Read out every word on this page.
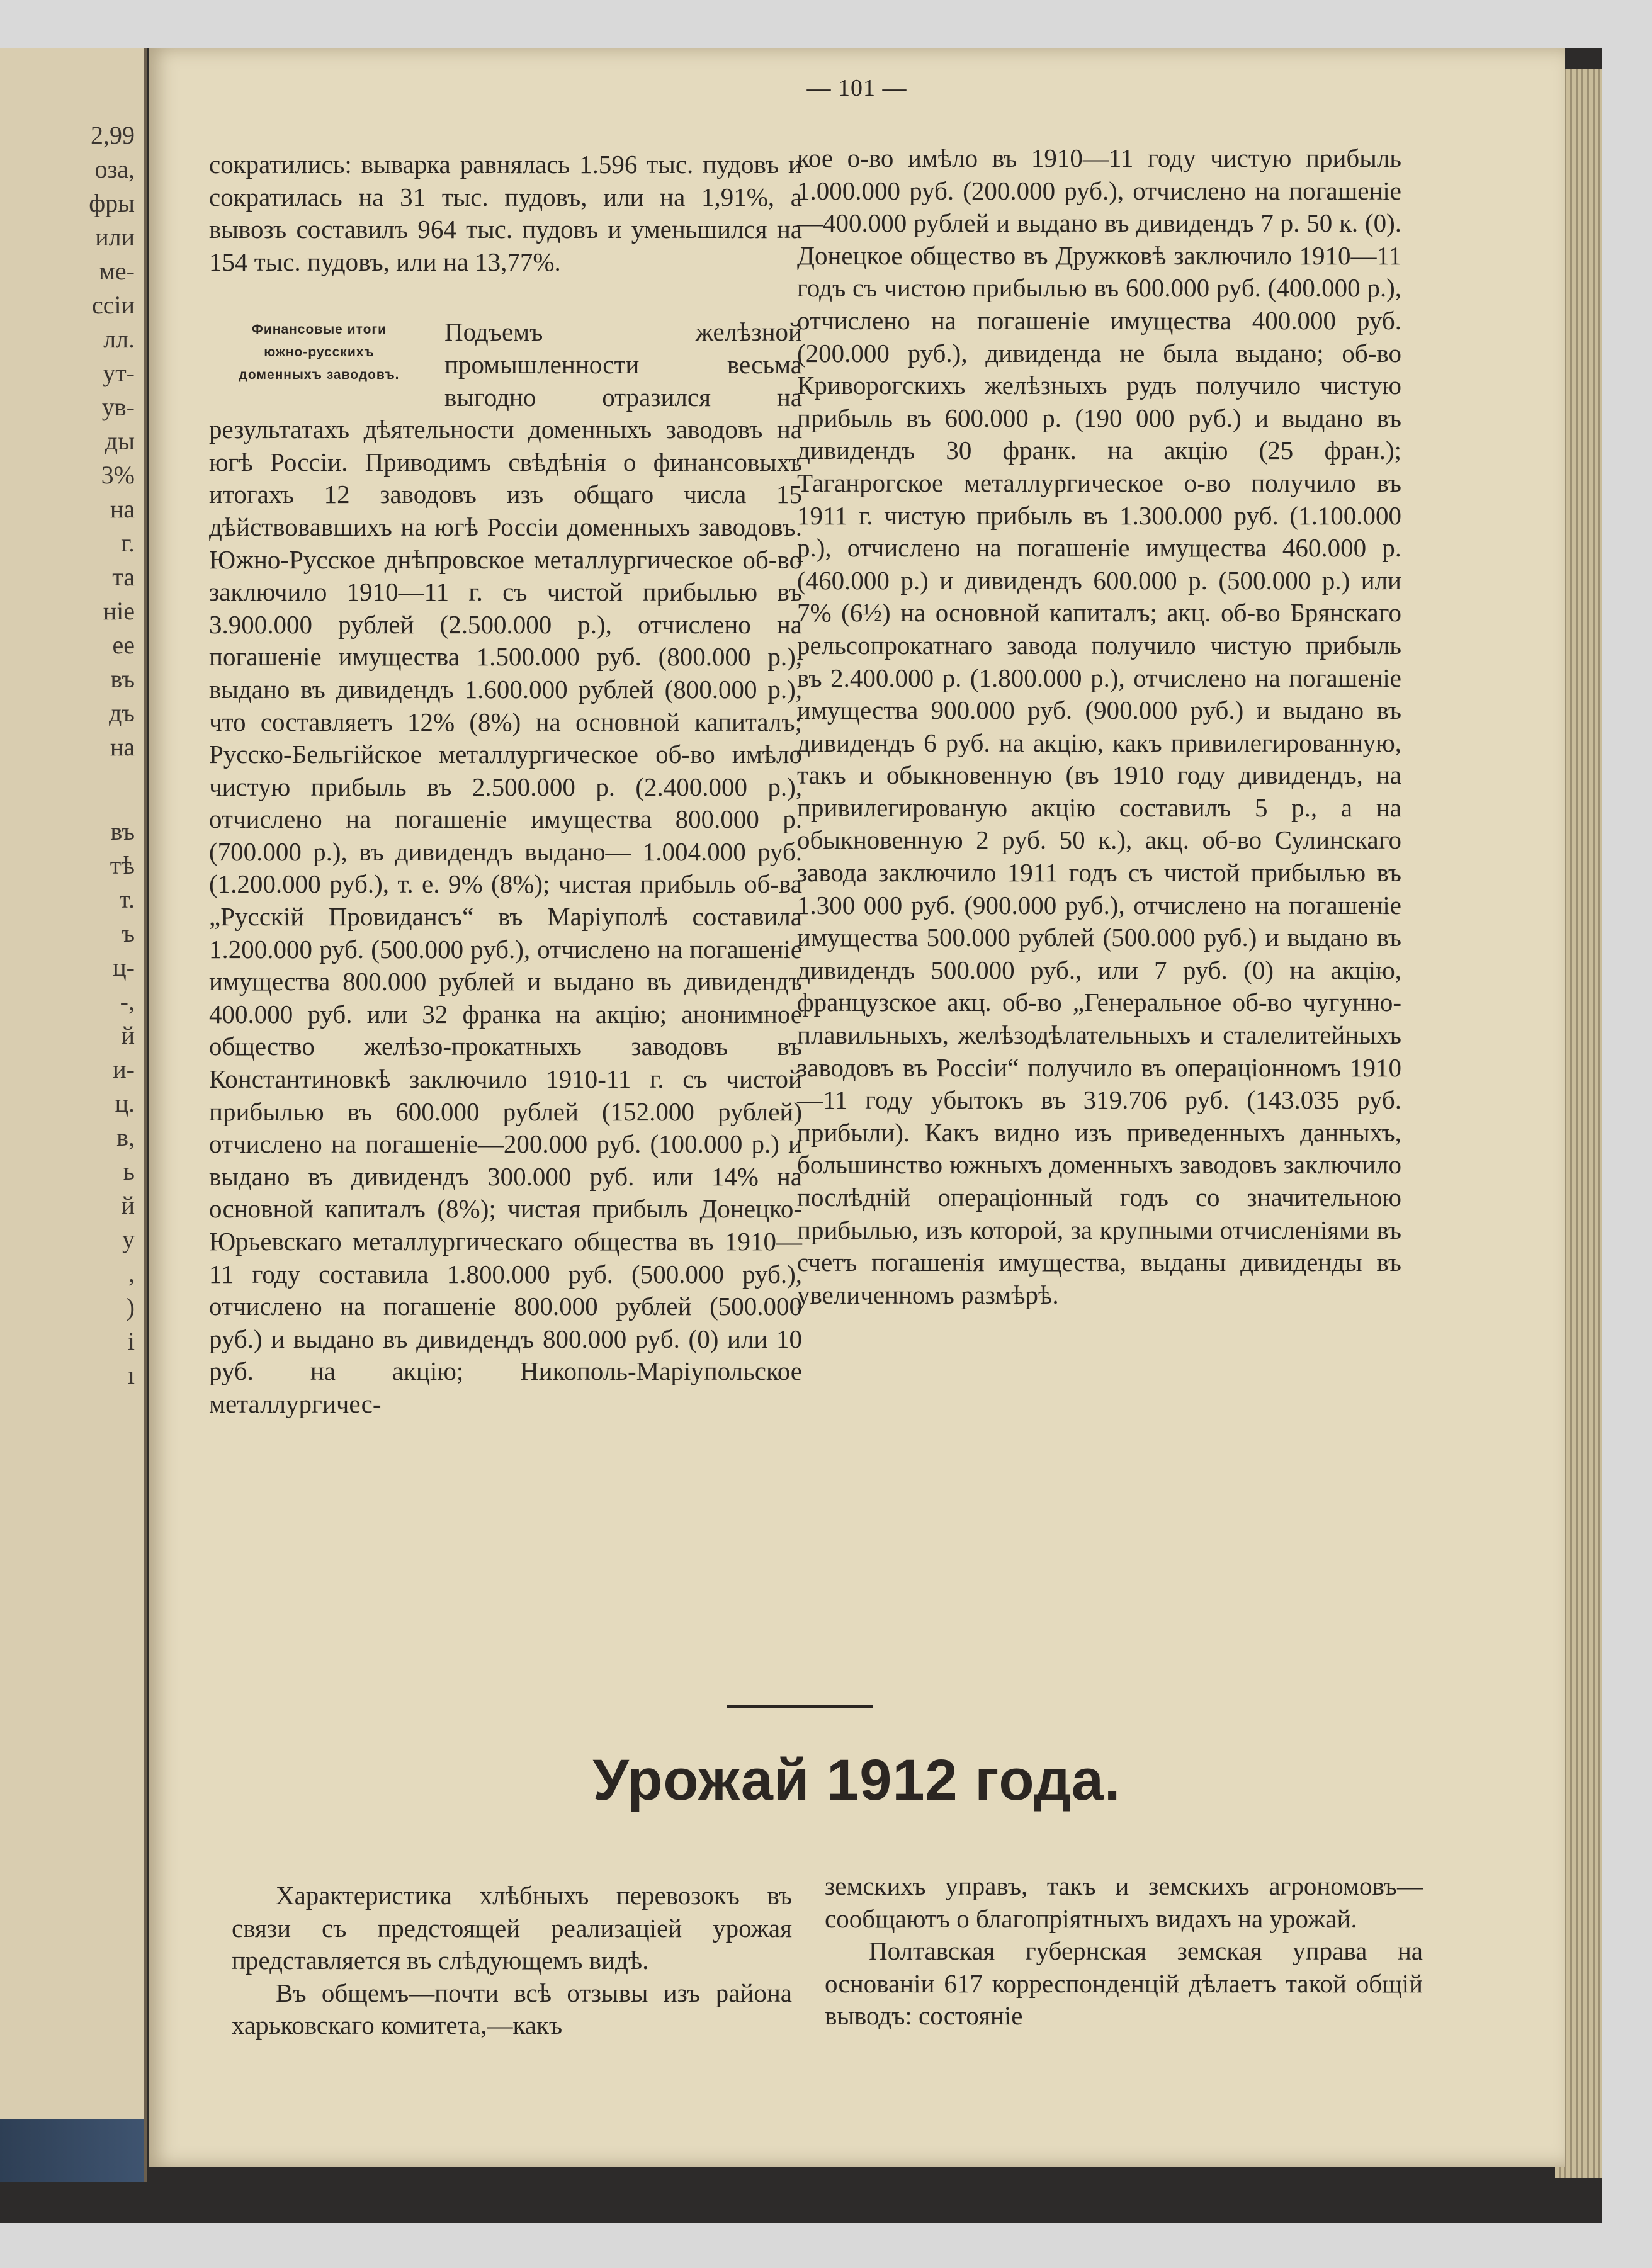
2,99
оза,
фры
или
ме-
ссіи
лл.
ут-
ув-
ды
3%
на
г.
та
ніе
ее
въ
дъ
на
въ
тѣ
т.
ъ
ц-
-,
й
и-
ц.
в,
ь
й
у
,
)
і
ı
— 101 —

сократились: выварка равнялась 1.596 тыс. пудовъ и сократилась на 31 тыс. пудовъ, или на 1,91%, а вывозъ составилъ 964 тыс. пудовъ и уменьшился на 154 тыс. пудовъ, или на 13,77%.

Финансовые итоги
южно-русскихъ
доменныхъ заводовъ.
Подъемъ желѣзной промышленности весьма выгодно отразился на результатахъ дѣятельности доменныхъ заводовъ на югѣ Россіи. Приводимъ свѣдѣнія о финансовыхъ итогахъ 12 заводовъ изъ общаго числа 15 дѣйствовавшихъ на югѣ Россіи доменныхъ заводовъ. Южно-Русское днѣпровское металлургическое об-во заключило 1910—11 г. съ чистой прибылью въ 3.900.000 рублей (2.500.000 р.), отчислено на погашеніе имущества 1.500.000 руб. (800.000 р.), выдано въ дивидендъ 1.600.000 рублей (800.000 р.), что составляетъ 12% (8%) на основной капиталъ; Русско-Бельгійское металлургическое об-во имѣло чистую прибыль въ 2.500.000 р. (2.400.000 р.), отчислено на погашеніе имущества 800.000 р. (700.000 р.), въ дивидендъ выдано— 1.004.000 руб. (1.200.000 руб.), т. е. 9% (8%); чистая прибыль об-ва „Русскій Провидансъ“ въ Маріуполѣ составила 1.200.000 руб. (500.000 руб.), отчислено на погашеніе имущества 800.000 рублей и выдано въ дивидендъ 400.000 руб. или 32 франка на акцію; анонимное общество желѣзо-прокатныхъ заводовъ въ Константиновкѣ заключило 1910-11 г. съ чистой прибылью въ 600.000 рублей (152.000 рублей) отчислено на погашеніе—200.000 руб. (100.000 р.) и выдано въ дивидендъ 300.000 руб. или 14% на основной капиталъ (8%); чистая прибыль Донецко-Юрьевскаго металлургическаго общества въ 1910—11 году составила 1.800.000 руб. (500.000 руб.), отчислено на погашеніе 800.000 рублей (500.000 руб.) и выдано въ дивидендъ 800.000 руб. (0) или 10 руб. на акцію; Никополь-Маріупольское металлургичес-

кое о-во имѣло въ 1910—11 году чистую прибыль 1.000.000 руб. (200.000 руб.), отчислено на погашеніе—400.000 рублей и выдано въ дивидендъ 7 р. 50 к. (0). Донецкое общество въ Дружковѣ заключило 1910—11 годъ съ чистою прибылью въ 600.000 руб. (400.000 р.), отчислено на погашеніе имущества 400.000 руб. (200.000 руб.), дивиденда не была выдано; об-во Криворогскихъ желѣзныхъ рудъ получило чистую прибыль въ 600.000 р. (190 000 руб.) и выдано въ дивидендъ 30 франк. на акцію (25 фран.); Таганрогское металлургическое о-во получило въ 1911 г. чистую прибыль въ 1.300.000 руб. (1.100.000 р.), отчислено на погашеніе имущества 460.000 р. (460.000 р.) и дивидендъ 600.000 р. (500.000 р.) или 7% (6½) на основной капиталъ; акц. об-во Брянскаго рельсопрокатнаго завода получило чистую прибыль въ 2.400.000 р. (1.800.000 р.), отчислено на погашеніе имущества 900.000 руб. (900.000 руб.) и выдано въ дивидендъ 6 руб. на акцію, какъ привилегированную, такъ и обыкновенную (въ 1910 году дивидендъ, на привилегированую акцію составилъ 5 р., а на обыкновенную 2 руб. 50 к.), акц. об-во Сулинскаго завода заключило 1911 годъ съ чистой прибылью въ 1.300 000 руб. (900.000 руб.), отчислено на погашеніе имущества 500.000 рублей (500.000 руб.) и выдано въ дивидендъ 500.000 руб., или 7 руб. (0) на акцію, французское акц. об-во „Генеральное об-во чугунно-плавильныхъ, желѣзодѣлательныхъ и сталелитейныхъ заводовъ въ Россіи“ получило въ операціонномъ 1910—11 году убытокъ въ 319.706 руб. (143.035 руб. прибыли). Какъ видно изъ приведенныхъ данныхъ, большинство южныхъ доменныхъ заводовъ заключило послѣдній операціонный годъ со значительною прибылью, изъ которой, за крупными отчисленіями въ счетъ погашенія имущества, выданы дивиденды въ увеличенномъ размѣрѣ.

Урожай 1912 года.

Характеристика хлѣбныхъ перевозокъ въ связи съ предстоящей реализаціей урожая представляется въ слѣдующемъ видѣ.

Въ общемъ—почти всѣ отзывы изъ района харьковскаго комитета,—какъ

земскихъ управъ, такъ и земскихъ агрономовъ—сообщаютъ о благопріятныхъ видахъ на урожай.

Полтавская губернская земская управа на основаніи 617 корреспонденцій дѣлаетъ такой общій выводъ: состояніе
